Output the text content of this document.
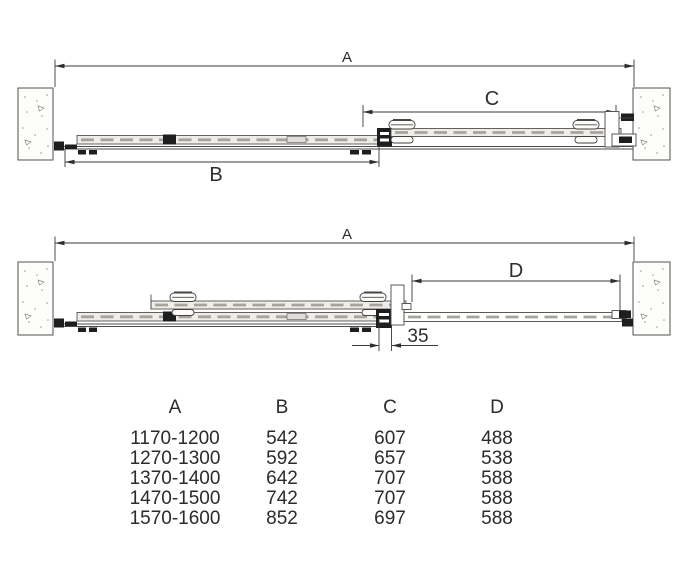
A
C
B
A
D
35
A
1170-1200
1270-1300
1370-1400
1470-1500
1570-1600
B
542
592
642
742
852
C
607
657
707
707
697
D
488
538
588
588
588
